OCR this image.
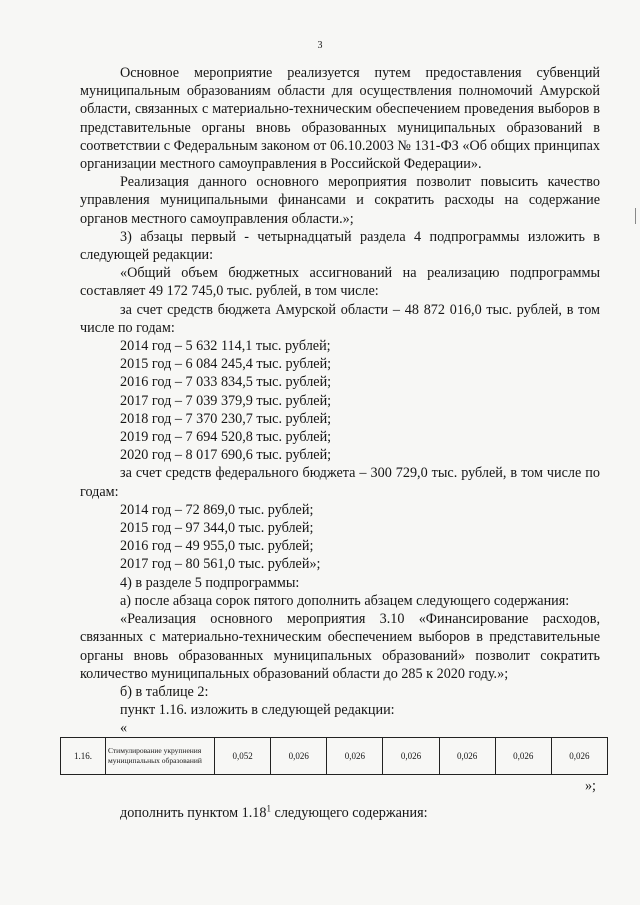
3

Основное мероприятие реализуется путем предоставления субвенций муниципальным образованиям области для осуществления полномочий Амурской области, связанных с материально-техническим обеспечением проведения выборов в представительные органы вновь образованных муниципальных образований в соответствии с Федеральным законом от 06.10.2003 № 131-ФЗ «Об общих принципах организации местного самоуправления в Российской Федерации».

Реализация данного основного мероприятия позволит повысить качество управления муниципальными финансами и сократить расходы на содержание органов местного самоуправления области.»;

3) абзацы первый - четырнадцатый раздела 4 подпрограммы изложить в следующей редакции:

«Общий объем бюджетных ассигнований на реализацию подпрограммы составляет 49 172 745,0 тыс. рублей, в том числе:

за счет средств бюджета Амурской области – 48 872 016,0 тыс. рублей, в том числе по годам:

2014 год – 5 632 114,1 тыс. рублей;

2015 год – 6 084 245,4 тыс. рублей;

2016 год – 7 033 834,5 тыс. рублей;

2017 год – 7 039 379,9 тыс. рублей;

2018 год – 7 370 230,7 тыс. рублей;

2019 год – 7 694 520,8 тыс. рублей;

2020 год – 8 017 690,6 тыс. рублей;

за счет средств федерального бюджета – 300 729,0 тыс. рублей, в том числе по годам:

2014 год – 72 869,0 тыс. рублей;

2015 год – 97 344,0 тыс. рублей;

2016 год – 49 955,0 тыс. рублей;

2017 год – 80 561,0 тыс. рублей»;

4) в разделе 5 подпрограммы:

а) после абзаца сорок пятого дополнить абзацем следующего содержания:

«Реализация основного мероприятия 3.10 «Финансирование расходов, связанных с материально-техническим обеспечением выборов в представительные органы вновь образованных муниципальных образований» позволит сократить количество муниципальных образований области до 285 к 2020 году.»;

б) в таблице 2:

пункт 1.16. изложить в следующей редакции:

«

1.16.	Стимулирование укрупнения муниципальных образований	0,052	0,026	0,026	0,026	0,026	0,026	0,026

»;

дополнить пунктом 1.18$^1$ следующего содержания:
